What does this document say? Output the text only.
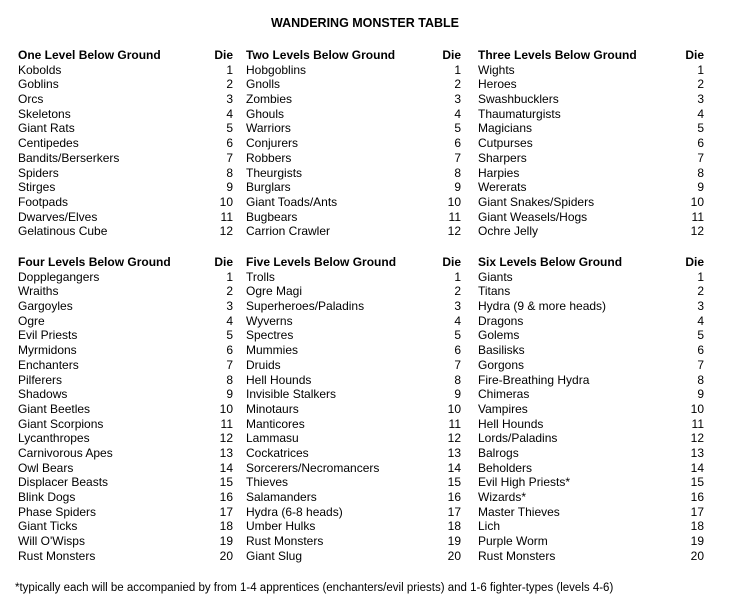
WANDERING MONSTER TABLE
One Level Below Ground	Die
Kobolds	1
Goblins	2
Orcs	3
Skeletons	4
Giant Rats	5
Centipedes	6
Bandits/Berserkers	7
Spiders	8
Stirges	9
Footpads	10
Dwarves/Elves	11
Gelatinous Cube	12
Two Levels Below Ground	Die
Hobgoblins	1
Gnolls	2
Zombies	3
Ghouls	4
Warriors	5
Conjurers	6
Robbers	7
Theurgists	8
Burglars	9
Giant Toads/Ants	10
Bugbears	11
Carrion Crawler	12
Three Levels Below Ground	Die
Wights	1
Heroes	2
Swashbucklers	3
Thaumaturgists	4
Magicians	5
Cutpurses	6
Sharpers	7
Harpies	8
Wererats	9
Giant Snakes/Spiders	10
Giant Weasels/Hogs	11
Ochre Jelly	12
Four Levels Below Ground	Die
Dopplegangers	1
Wraiths	2
Gargoyles	3
Ogre	4
Evil Priests	5
Myrmidons	6
Enchanters	7
Pilferers	8
Shadows	9
Giant Beetles	10
Giant Scorpions	11
Lycanthropes	12
Carnivorous Apes	13
Owl Bears	14
Displacer Beasts	15
Blink Dogs	16
Phase Spiders	17
Giant Ticks	18
Will O'Wisps	19
Rust Monsters	20
Five Levels Below Ground	Die
Trolls	1
Ogre Magi	2
Superheroes/Paladins	3
Wyverns	4
Spectres	5
Mummies	6
Druids	7
Hell Hounds	8
Invisible Stalkers	9
Minotaurs	10
Manticores	11
Lammasu	12
Cockatrices	13
Sorcerers/Necromancers	14
Thieves	15
Salamanders	16
Hydra (6-8 heads)	17
Umber Hulks	18
Rust Monsters	19
Giant Slug	20
Six Levels Below Ground	Die
Giants	1
Titans	2
Hydra (9 & more heads)	3
Dragons	4
Golems	5
Basilisks	6
Gorgons	7
Fire-Breathing Hydra	8
Chimeras	9
Vampires	10
Hell Hounds	11
Lords/Paladins	12
Balrogs	13
Beholders	14
Evil High Priests*	15
Wizards*	16
Master Thieves	17
Lich	18
Purple Worm	19
Rust Monsters	20
*typically each will be accompanied by from 1-4 apprentices (enchanters/evil priests) and 1-6 fighter-types (levels 4-6)
